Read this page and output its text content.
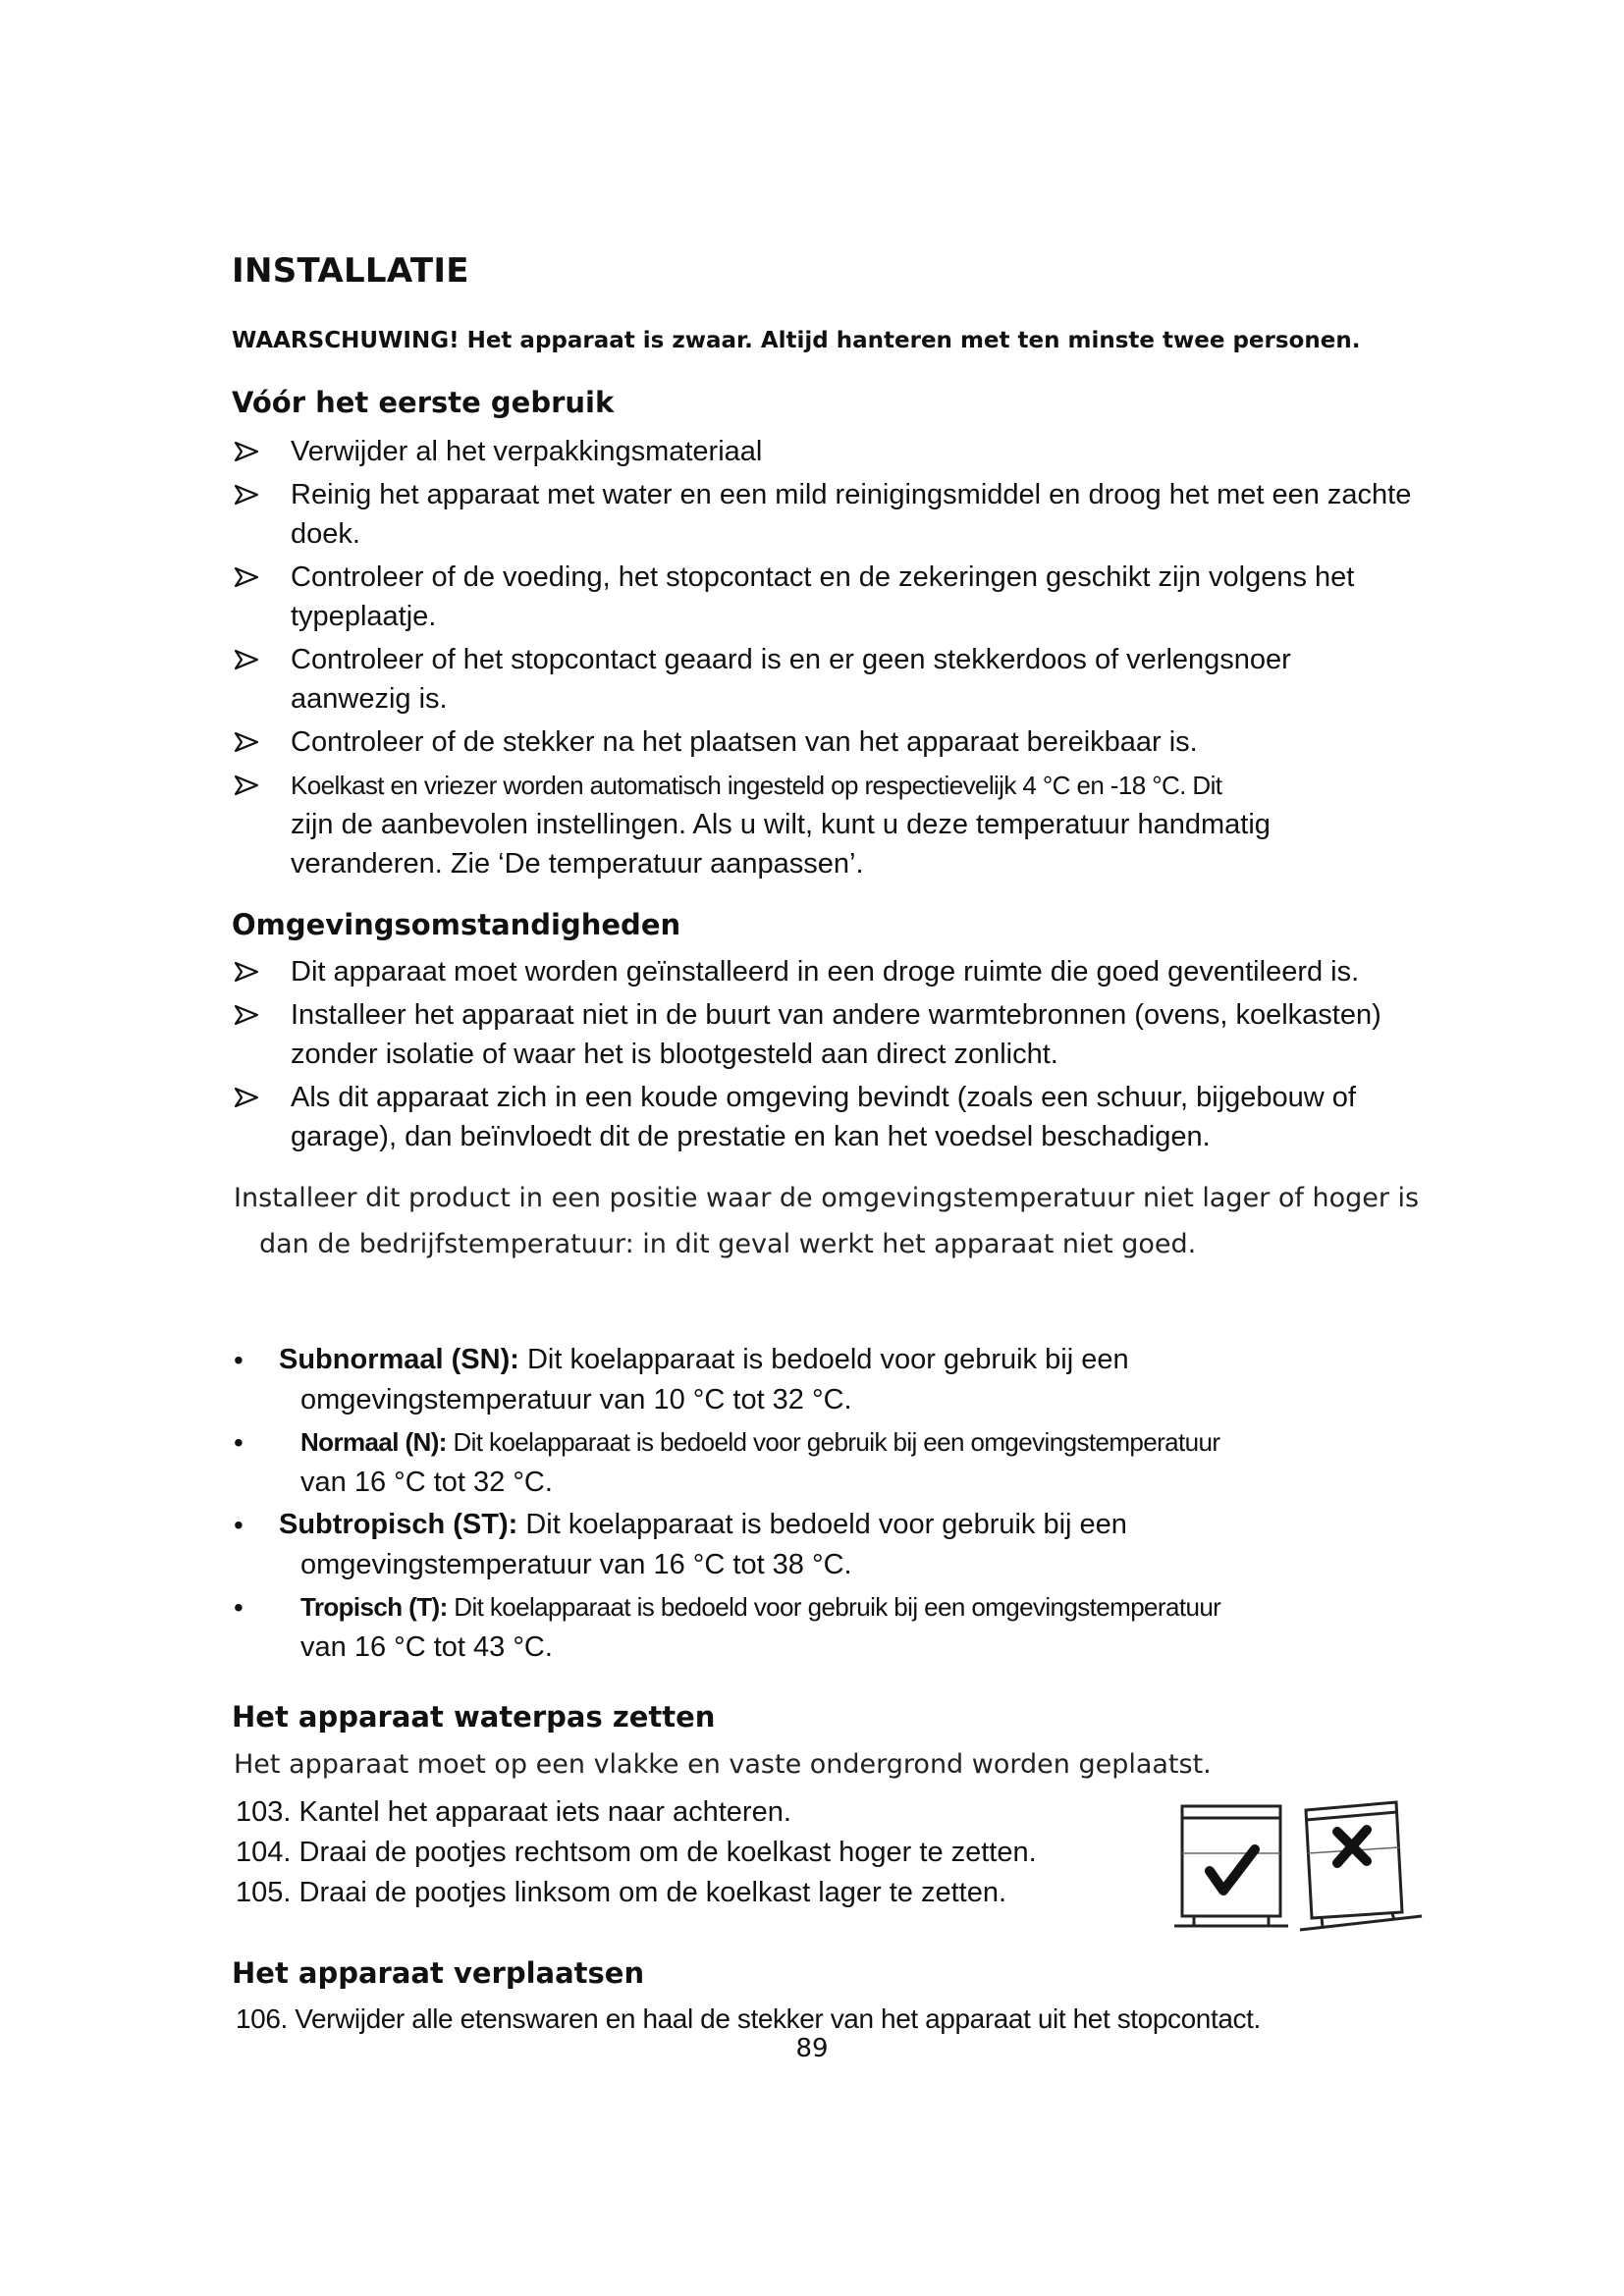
INSTALLATIE
WAARSCHUWING! Het apparaat is zwaar. Altijd hanteren met ten minste twee personen.
Vóór het eerste gebruik
Verwijder al het verpakkingsmateriaal
Reinig het apparaat met water en een mild reinigingsmiddel en droog het met een zachte
doek.
Controleer of de voeding, het stopcontact en de zekeringen geschikt zijn volgens het
typeplaatje.
Controleer of het stopcontact geaard is en er geen stekkerdoos of verlengsnoer
aanwezig is.
Controleer of de stekker na het plaatsen van het apparaat bereikbaar is.
Koelkast en vriezer worden automatisch ingesteld op respectievelijk 4 °C en -18 °C. Dit
zijn de aanbevolen instellingen. Als u wilt, kunt u deze temperatuur handmatig
veranderen. Zie ‘De temperatuur aanpassen’.
Omgevingsomstandigheden
Dit apparaat moet worden geïnstalleerd in een droge ruimte die goed geventileerd is.
Installeer het apparaat niet in de buurt van andere warmtebronnen (ovens, koelkasten)
zonder isolatie of waar het is blootgesteld aan direct zonlicht.
Als dit apparaat zich in een koude omgeving bevindt (zoals een schuur, bijgebouw of
garage), dan beïnvloedt dit de prestatie en kan het voedsel beschadigen.
Installeer dit product in een positie waar de omgevingstemperatuur niet lager of hoger is
dan de bedrijfstemperatuur: in dit geval werkt het apparaat niet goed.
• Subnormaal (SN): Dit koelapparaat is bedoeld voor gebruik bij een
omgevingstemperatuur van 10 °C tot 32 °C.
• Normaal (N): Dit koelapparaat is bedoeld voor gebruik bij een omgevingstemperatuur
van 16 °C tot 32 °C.
• Subtropisch (ST): Dit koelapparaat is bedoeld voor gebruik bij een
omgevingstemperatuur van 16 °C tot 38 °C.
• Tropisch (T): Dit koelapparaat is bedoeld voor gebruik bij een omgevingstemperatuur
van 16 °C tot 43 °C.
Het apparaat waterpas zetten
Het apparaat moet op een vlakke en vaste ondergrond worden geplaatst.
103. Kantel het apparaat iets naar achteren.
104. Draai de pootjes rechtsom om de koelkast hoger te zetten.
105. Draai de pootjes linksom om de koelkast lager te zetten.
Het apparaat verplaatsen
106. Verwijder alle etenswaren en haal de stekker van het apparaat uit het stopcontact.
89
